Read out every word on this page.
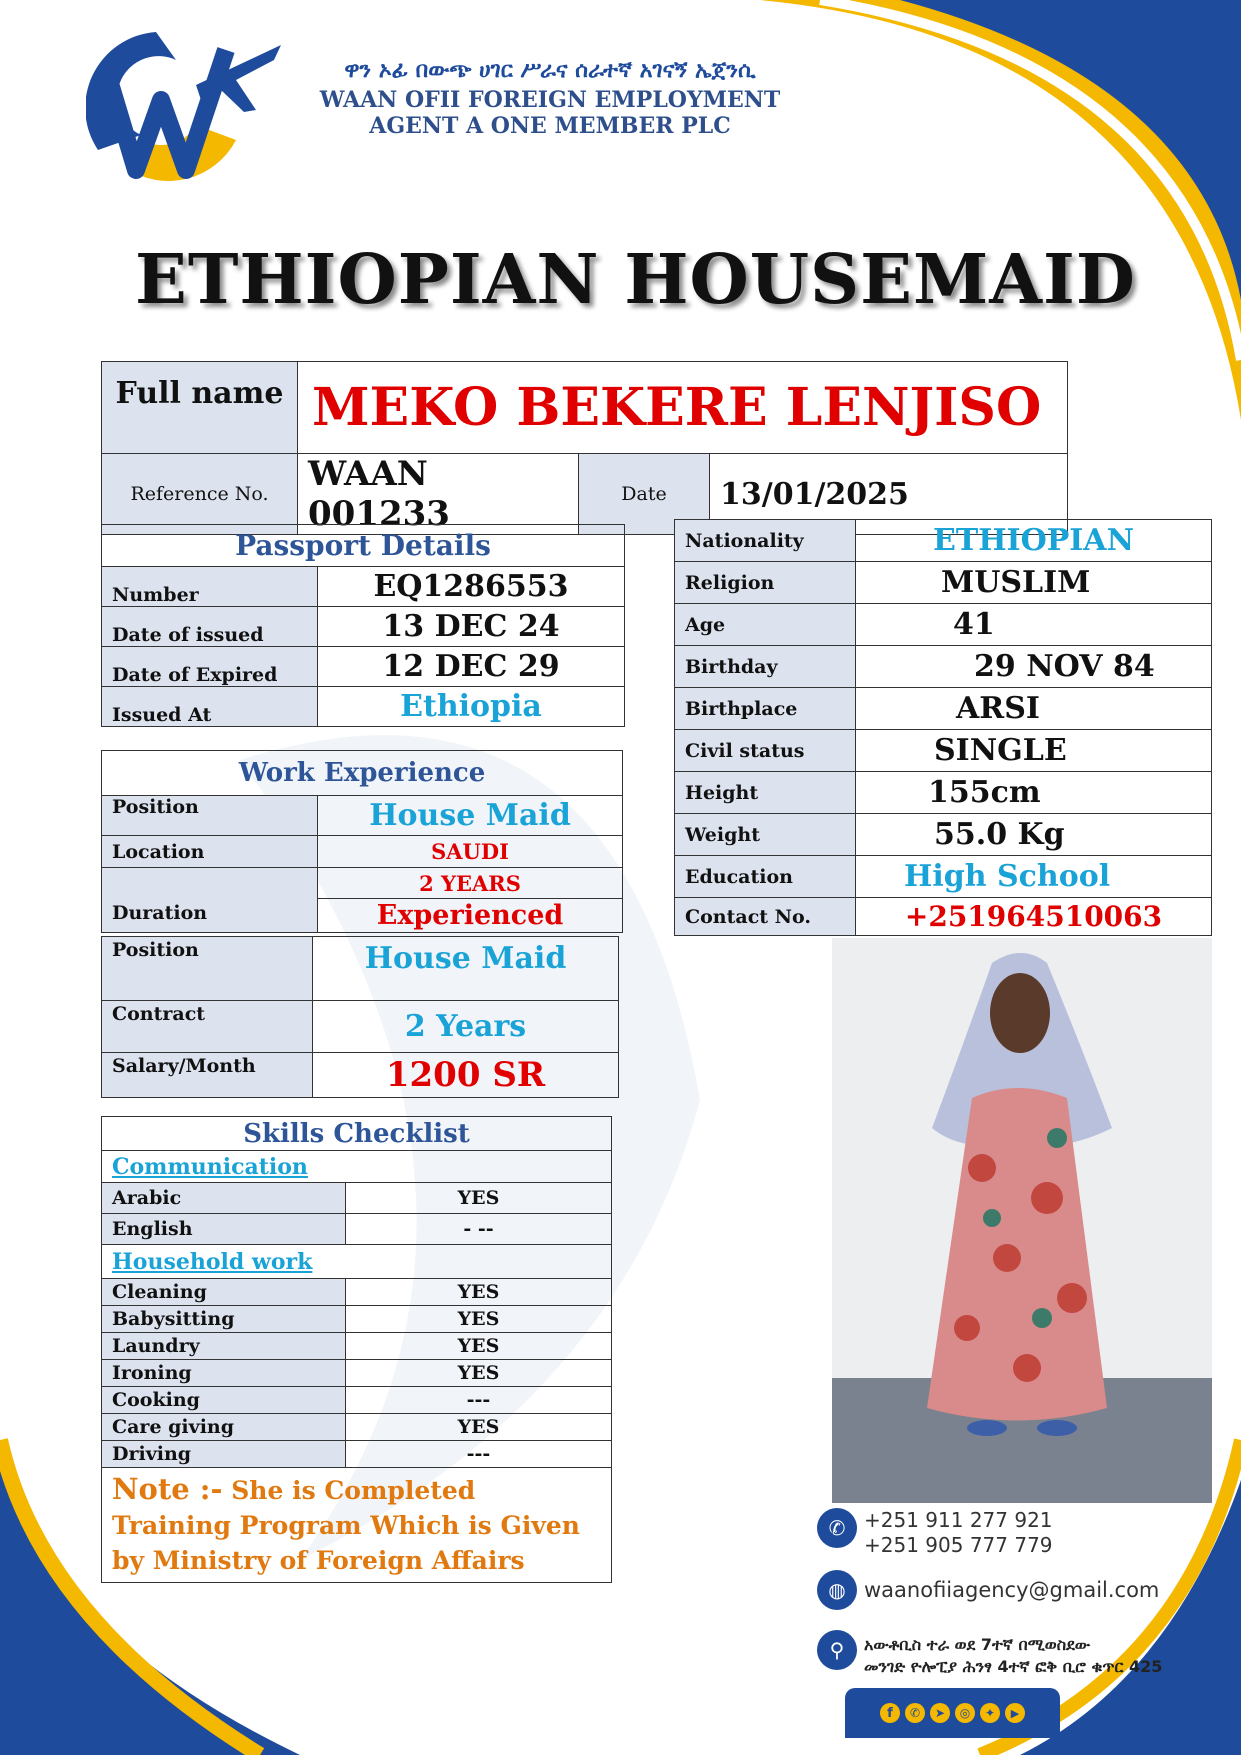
ዋን ኦፊ በውጭ ሀገር ሥራና ሰራተኛ አገናኝ ኤጀንሲ
WAAN OFII FOREIGN EMPLOYMENT
AGENT A ONE MEMBER PLC
ETHIOPIAN HOUSEMAID
Full name	MEKO BEKERE LENJISO		
Reference No.	WAAN 001233	Date	13/01/2025
Passport Details	
Number	EQ1286553
Date of issued	13 DEC 24
Date of Expired	12 DEC 29
Issued At	Ethiopia
Work Experience	
Position	House Maid
Location	SAUDI
Duration	2 YEARS
	Experienced
Position	House Maid
Contract	2 Years
Salary/Month	1200 SR
Nationality	ETHIOPIAN
Religion	MUSLIM
Age	41
Birthday	29 NOV 84
Birthplace	ARSI
Civil status	SINGLE
Height	155cm
Weight	55.0 Kg
Education	High School
Contact No.	+251964510063
Skills Checklist	
Communication	
Arabic	YES
English	- --
Household work	
Cleaning	YES
Babysitting	YES
Laundry	YES
Ironing	YES
Cooking	---
Care giving	YES
Driving	---
Note :- She is Completed Training Program Which is Given by Ministry of Foreign Affairs	
✆ +251 911 277 921
+251 905 777 779
◍ waanofiiagency@gmail.com
⚲	አውቶቢስ ተራ ወደ 7ተኛ በሚወስደው
መንገድ ዮሎፒያ ሕንፃ 4ተኛ ፎቅ ቢሮ ቁጥር 425
f	✆	➤	◎	✦	▶
